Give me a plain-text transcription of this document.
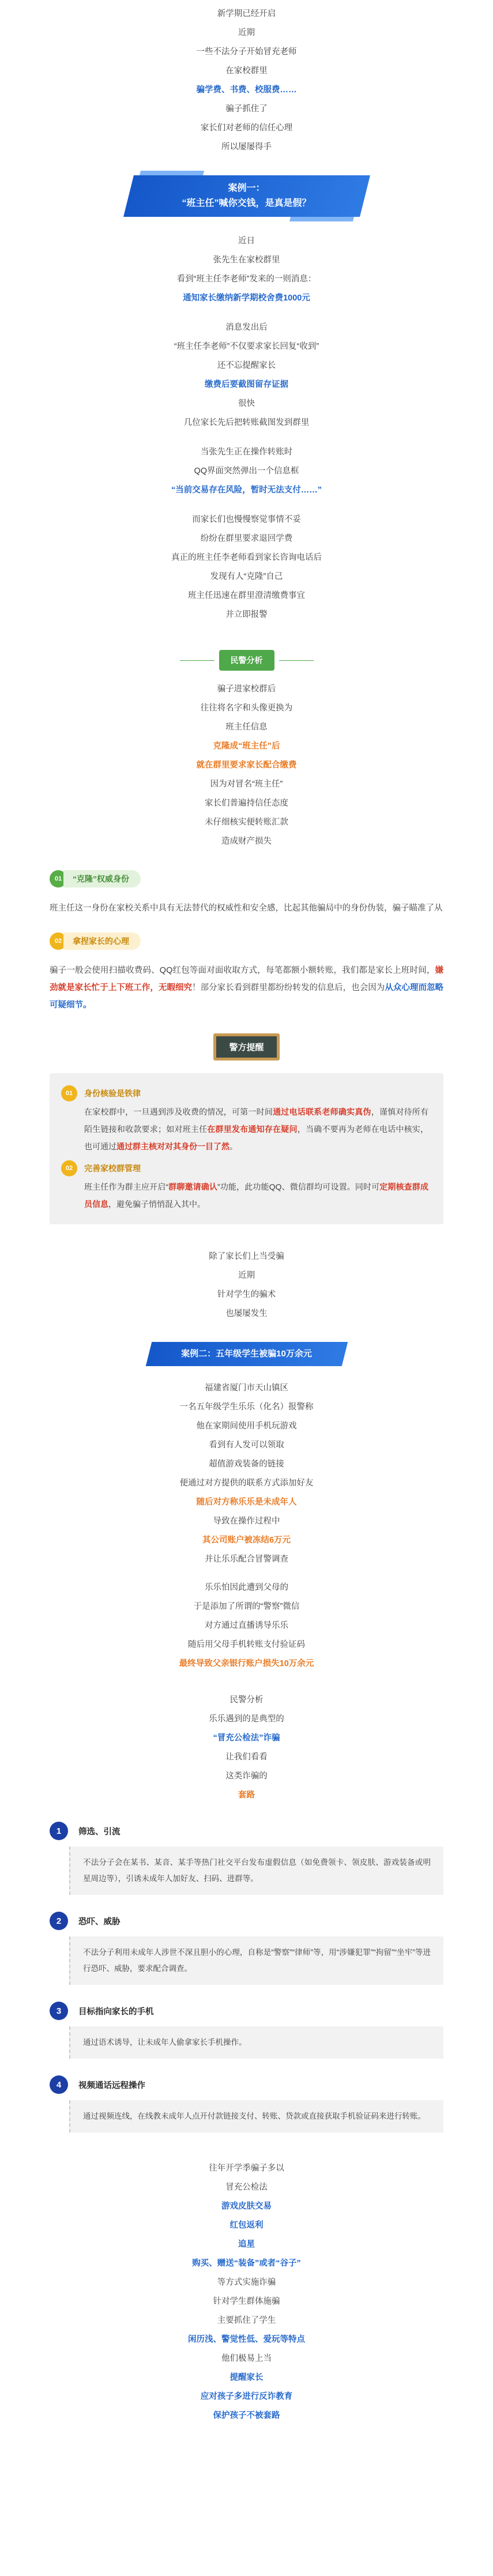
新学期已经开启

近期

一些不法分子开始冒充老师

在家校群里

骗学费、书费、校服费……

骗子抓住了

家长们对老师的信任心理

所以屡屡得手

案例一：
“班主任”喊你交钱，是真是假？

近日

张先生在家校群里

看到“班主任李老师”发来的一则消息：

通知家长缴纳新学期校舍费1000元

消息发出后

“班主任李老师”不仅要求家长回复“收到”

还不忘提醒家长

缴费后要截图留存证据

很快

几位家长先后把转账截图发到群里

当张先生正在操作转账时

QQ界面突然弹出一个信息框

“当前交易存在风险，暂时无法支付……”

而家长们也慢慢察觉事情不妥

纷纷在群里要求退回学费

真正的班主任李老师看到家长咨询电话后

发现有人“克隆”自己

班主任迅速在群里澄清缴费事宜

并立即报警

民警分析

骗子进家校群后

往往将名字和头像更换为

班主任信息

克隆成“班主任”后

就在群里要求家长配合缴费

因为对冒名“班主任”

家长们普遍持信任态度

未仔细核实便转账汇款

造成财产损失

01	“克隆”权威身份
班主任这一身份在家校关系中具有无法替代的权威性和安全感，比起其他骗局中的身份伪装，骗子瞄准了从
02	拿捏家长的心理
骗子一般会使用扫描收费码、QQ红包等面对面收取方式，每笔都额小额转账，我们都是家长上班时间，嫌劲就是家长忙于上下班工作，无暇细究！部分家长看到群里都纷纷转发的信息后，也会因为从众心理而忽略可疑细节。
警方提醒
01	身份核验是铁律
在家校群中，一旦遇到涉及收费的情况，可第一时间通过电话联系老师确实真伪，谨慎对待所有陌生链接和收款要求；如对班主任在群里发布通知存在疑问，当确不要再为老师在电话中核实，也可通过通过群主核对对其身份一目了然。
02	完善家校群管理
班主任作为群主应开启“群聊邀请确认”功能，此功能QQ、微信群均可设置。同时可定期核查群成员信息，避免骗子悄悄混入其中。

除了家长们上当受骗

近期

针对学生的骗术

也屡屡发生

案例二：五年级学生被骗10万余元

福建省厦门市天山镇区

一名五年级学生乐乐（化名）报警称

他在家期间使用手机玩游戏

看到有人发可以领取

超值游戏装备的链接

便通过对方提供的联系方式添加好友

随后对方称乐乐是未成年人

导致在操作过程中

其公司账户被冻结6万元

并让乐乐配合冒警调查

乐乐怕因此遭到父母的

于是添加了所谓的“警察”微信

对方通过直播诱导乐乐

随后用父母手机转账支付验证码

最终导致父亲银行账户损失10万余元

民警分析

乐乐遇到的是典型的

“冒充公检法”诈骗

让我们看看

这类诈骗的

套路

1	筛选、引流
不法分子会在某书、某音、某手等热门社交平台发布虚假信息（如免费领卡、领皮肤、游戏装备或明星周边等），引诱未成年人加好友、扫码、进群等。
2	恐吓、威胁
不法分子利用未成年人涉世不深且胆小的心理，自称是“警察”“律师”等，用“涉嫌犯罪”“拘留”“坐牢”等进行恐吓、威胁，要求配合调查。
3	目标指向家长的手机
通过语术诱导，让未成年人偷拿家长手机操作。
4	视频通话远程操作
通过视频连线，在线教未成年人点开付款链接支付、转账、贷款或直接获取手机验证码来进行转账。

往年开学季骗子多以

冒充公检法

游戏皮肤交易

红包返利

追星

购买、赠送“装备”或者“谷子”

等方式实施诈骗

针对学生群体施骗

主要抓住了学生

闲历浅、警觉性低、爱玩等特点

他们极易上当

提醒家长

应对孩子多进行反诈教育

保护孩子不被套路
